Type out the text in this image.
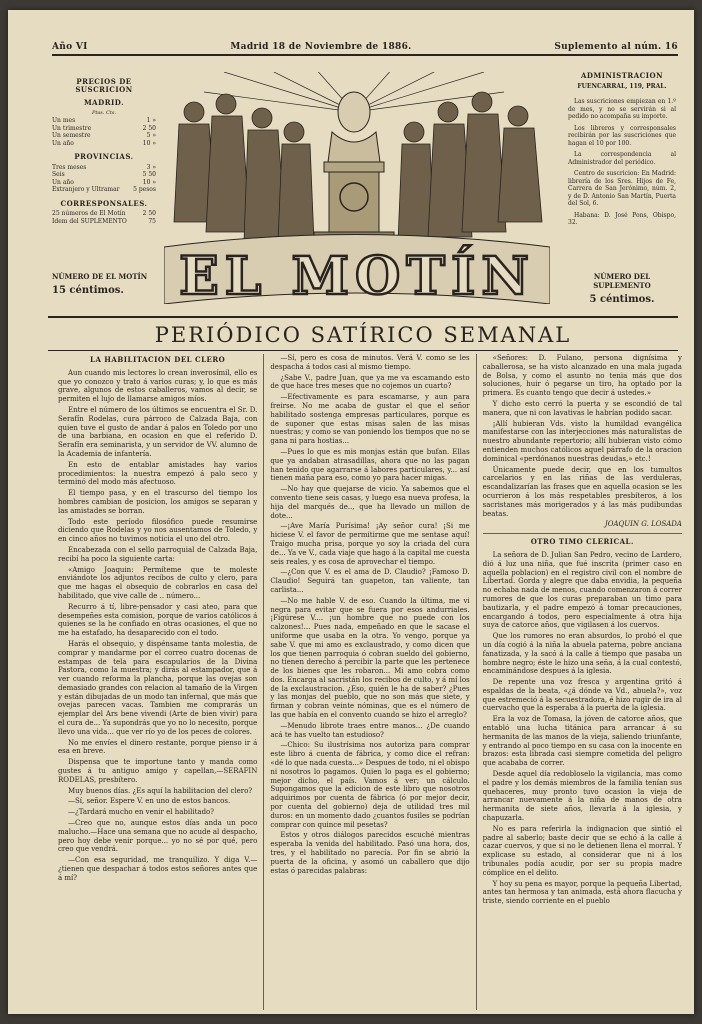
Año VI	Madrid 18 de Noviembre de 1886.	Suplemento al núm. 16
PRECIOS DE SUSCRICION
MADRID.
Ptas. Cts.
Un mes	1 »
Un trimestre	2 50
Un semestre	5 »
Un año	10 »
PROVINCIAS.
Tres meses	3 »
Seis	5 50
Un año	10 »
Extranjero y Ultramar 5 pesos
CORRESPONSALES.
25 números de El Motín	2 50
Idem del SUPLEMENTO	75
NÚMERO DE EL MOTÍN
15 céntimos.
ADMINISTRACION
FUENCARRAL, 119, PRAL.

Las suscriciones empiezan en 1.º de mes, y no se servirán si al pedido no acompaña su importe.

Los libreros y corresponsales recibirán por las suscriciones que hagan el 10 por 100.

La correspondencia al Administrador del periódico.

Centro de suscricion: En Madrid: librería de los Sres. Hijos de Fe, Carrera de San Jerónimo, núm. 2, y de D. Antonio San Martín, Puerta del Sol, 6.

Habana: D. José Pons, Obispo, 32.

NÚMERO DEL SUPLEMENTO
5 céntimos.
EL MOTÍN
PERIÓDICO SATÍRICO SEMANAL
LA HABILITACION DEL CLERO

Aun cuando mis lectores lo crean inverosímil, ello es que yo conozco y trato á varios curas; y, lo que es más grave, algunos de estos caballeros, vamos al decir, se permiten el lujo de llamarse amigos míos.

Entre el número de los últimos se encuentra el Sr. D. Serafín Rodelas, cura párroco de Calzada Baja, con quien tuve el gusto de andar á palos en Toledo por uno de una barbiana, en ocasion en que el referido D. Serafín era seminarista, y un servidor de VV. alumno de la Academia de infantería.

En esto de entablar amistades hay varios procedimientos: la nuestra empezó á palo seco y terminó del modo más afectuoso.

El tiempo pasa, y en el trascurso del tiempo los hombres cambian de posicion, los amigos se separan y las amistades se borran.

Todo este período filosófico puede resumirse diciendo que Rodelas y yo nos ausentamos de Toledo, y en cinco años no tuvimos noticia el uno del otro.

Encabezada con el sello parroquial de Calzada Baja, recibí ha poco la siguiente carta:

«Amigo Joaquin: Permíteme que te moleste enviándote los adjuntos recibos de culto y clero, para que me hagas el obsequio de cobrarlos en casa del habilitado, que vive calle de .. número...

Recurro á tí, libre-pensador y casi ateo, para que desempeñes esta comision, porque de varios católicos á quienes se la he confiado en otras ocasiones, el que no me ha estafado, ha desaparecido con el todo.

Harás el obsequio, y dispénsame tanta molestia, de comprar y mandarme por el correo cuatro docenas de estampas de tela para escapularios de la Divina Pastora, como la muestra; y dirás al estampador, que á ver cuando reforma la plancha, porque las ovejas son demasiado grandes con relacion al tamaño de la Virgen y están dibujadas de un modo tan infernal, que más que ovejas parecen vacas. Tambien me comprarás un ejemplar del Ars bene vivendi (Arte de bien vivir) para el cura de... Ya supondrás que yo no lo necesito, porque llevo una vida... que ver río yo de los peces de colores.

No me envíes el dinero restante, porque pienso ir á esa en breve.

Dispensa que te importune tanto y manda como gustes á tu antiguo amigo y capellan,—SERAFIN RODELAS, presbítero.

Muy buenos días. ¿Es aquí la habilitacion del clero?

—Sí, señor. Espere V. en uno de estos bancos.

—¿Tardará mucho en venir el habilitado?

—Creo que no, aunque estos días anda un poco malucho.—Hace una semana que no acude al despacho, pero hoy debe venir porque... yo no sé por qué, pero creo que vendrá.

—Con esa seguridad, me tranquilizo. Y diga V.—¿tienen que despachar á todos estos señores antes que á mí?

—Sí, pero es cosa de minutos. Verá V. como se les despacha á todos casi al mismo tiempo.

¿Sabe V., padre Juan, que ya me va escamando esto de que hace tres meses que no cojemos un cuarto?

—Efectivamente es para escamarse, y aun para freirse. No me acaba de gustar el que el señor habilitado sostenga empresas particulares, porque es de suponer que estas misas salen de las misas nuestras; y como se van poniendo los tiempos que no se gana ni para hostias...

—Pues lo que es mis monjas están que bufan. Ellas que ya andaban atrasadillas, ahora que no las pagan han tenido que agarrarse á labores particulares, y... así tienen maña para eso, como yo para hacer migas.

—No hay que quejarse de vicio. Ya sabemos que el convento tiene seis casas, y luego esa nueva profesa, la hija del marqués de.., que ha llevado un millon de dote...

—¡Ave María Purísima! ¡Ay señor cura! ¡Si me hiciese V. el favor de permitirme que me sentase aquí! Traigo mucha prisa, porque yo soy la criada del cura de... Ya ve V., cada viaje que hago á la capital me cuesta seis reales, y es cosa de aprovechar el tiempo.

—¿Con que V. es el ama de D. Claudio? ¡Famoso D. Claudio! Seguirá tan guapeton, tan valiente, tan carlista...

—No me hable V. de eso. Cuando la última, me vi negra para evitar que se fuera por esos andurriales. ¡Figúrese V.... ¡un hombre que no puede con los calzones!... Pues nada, empeñado en que le sacase el uniforme que usaba en la otra. Yo vengo, porque ya sabe V. que mi amo es exclaustrado, y como dicen que los que tienen parroquia ó cobran sueldo del gobierno, no tienen derecho á percibir la parte que les pertenece de los bienes que les robaron... Mi amo cobra como dos. Encarga al sacristán los recibos de culto, y á mí los de la exclaustracion. ¿Eso, quién le ha de saber? ¿Pues y las monjas del pueblo, que no son más que siete, y firman y cobran veinte nóminas, que es el número de las que había en el convento cuando se hizo el arreglo?

—Menudo librote traes entre manos... ¿De cuando acá te has vuelto tan estudioso?

—Chico: Su ilustrísima nos autoriza para comprar este libro á cuenta de fábrica, y como dice el refran: «dé lo que nada cuesta...» Despues de todo, ni el obispo ni nosotros lo pagamos. Quien lo paga es el gobierno; mejor dicho, el país. Vamos á ver; un cálculo. Supongamos que la edicion de este libro que nosotros adquirimos por cuenta de fábrica (ó por mejor decir, por cuenta del gobierno) deja de utilidad tres mil duros: en un momento dado ¿cuantos fusiles se podrían comprar con quince mil pesetas?

Estos y otros diálogos parecidos escuché mientras esperaba la venida del habilitado. Pasó una hora, dos, tres, y el habilitado no parecía. Por fin se abrió la puerta de la oficina, y asomó un caballero que dijo estas ó parecidas palabras:

«Señores: D. Fulano, persona dignísima y caballerosa, se ha visto alcanzado en una mala jugada de Bolsa, y como el asunto no tenia más que dos soluciones, huir ó pegarse un tiro, ha optado por la primera. Es cuanto tengo que decir á ustedes.»

Y dicho esto cerró la puerta y se escondió de tal manera, que ni con lavativas le habrían podido sacar.

¡Allí hubieran Vds. visto la humildad evangélica manifestarse con las interjecciones más naturalistas de nuestro abundante repertorio; allí hubieran visto cómo entienden muchos católicos aquel párrafo de la oracion dominical «perdónanos nuestras deudas,» etc.!

Únicamente puede decir, que en los tumultos carcelarios y en las riñas de las verduleras, escandalizarían las frases que en aquella ocasion se les ocurrieron á los más respetables presbíteros, á los sacristanes más morigerados y á las más pudibundas beatas.

JOAQUIN G. LOSADA
OTRO TIMO CLERICAL.

La señora de D. Julian San Pedro, vecino de Lardero, dió á luz una niña, que fué inscrita (primer caso en aquella poblacion) en el registro civil con el nombre de Libertad. Gorda y alegre que daba envidia, la pequeña no echaba nada de menos, cuando comenzaron á correr rumores de que los curas preparaban un timo para bautizarla, y el padre empezó á tomar precauciones, encargando á todos, pero especialmente á otra hija suya de catorce años, que vigilasen á los cuervos.

Que los rumores no eran absurdos, lo probó el que un día cogió á la niña la abuela paterna, pobre anciana fanatizada, y la sacó á la calle á tiempo que pasaba un hombre negro; éste le hizo una seña, á la cual contestó, encaminándose despues á la iglesia.

De repente una voz fresca y argentina gritó á espaldas de la beata, «¿á dónde va Vd., abuela?», voz que estremeció á la secuestradora, é hizo rugir de ira al cuervacho que la esperaba á la puerta de la iglesia.

Era la voz de Tomasa, la jóven de catorce años, que entabló una lucha titánica para arrancar á su hermanita de las manos de la vieja, saliendo triunfante, y entrando al poco tiempo en su casa con la inocente en brazos: esta librada casi siempre cometida del peligro que acababa de correr.

Desde aquel día redobloselo la vigilancia, mas como el padre y los demás miembros de la familia tenían sus quehaceres, muy pronto tuvo ocasion la vieja de arrancar nuevamente á la niña de manos de otra hermanita de siete años, llevarla á la iglesia, y chapuzarla.

No es para referirla la indignacion que sintió el padre al saberlo; baste decir que se echó á la calle á cazar cuervos, y que si no le detienen llena el morral. Y explicase su estado, al considerar que ni á los tribunales podía acudir, por ser su propia madre cómplice en el delito.

Y hoy su pena es mayor, porque la pequeña Libertad, antes tan hermosa y tan animada, está ahora flacucha y triste, siendo corriente en el pueblo
